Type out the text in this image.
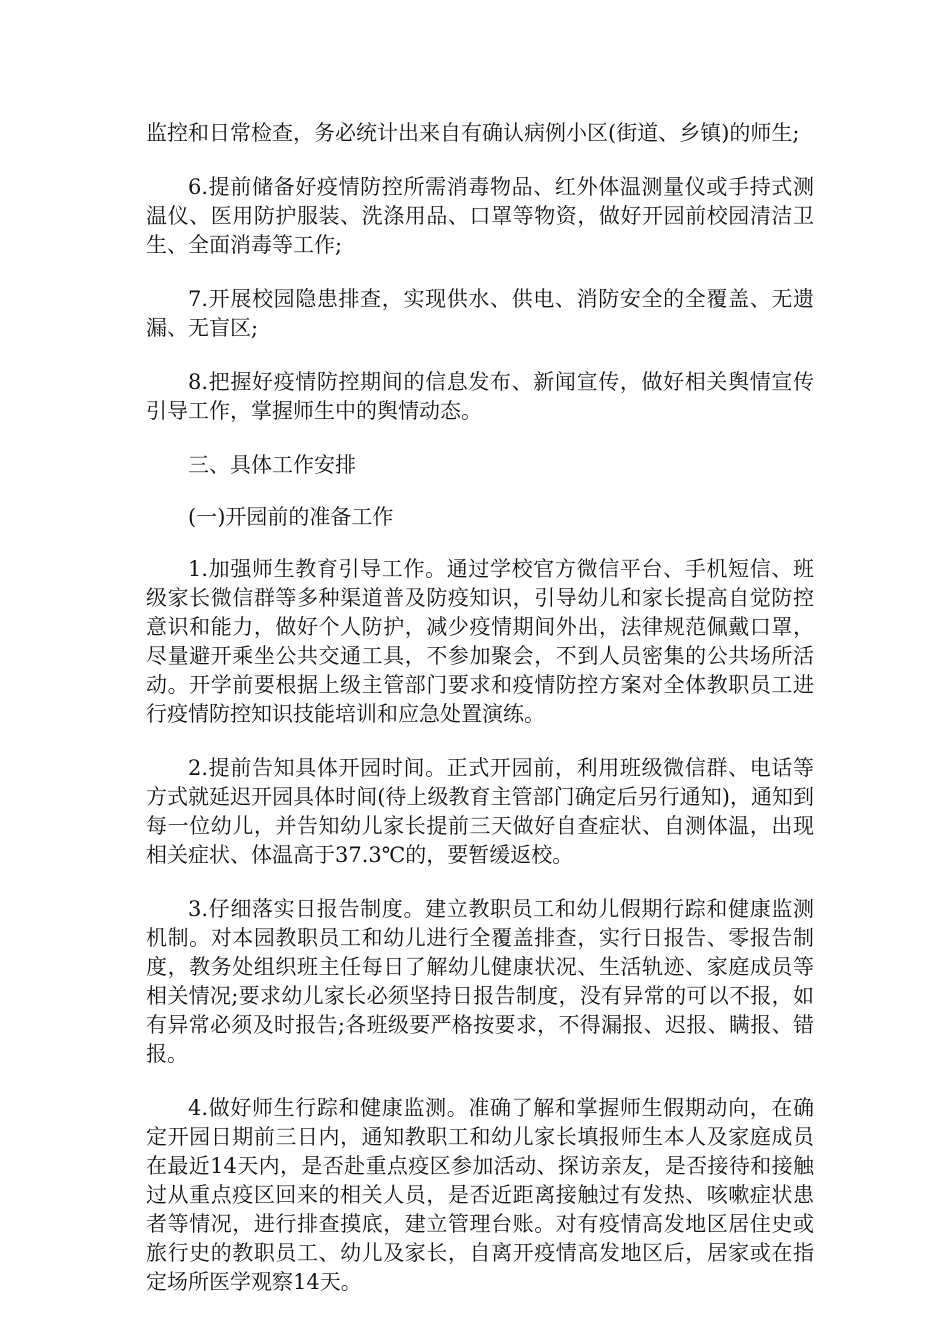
监控和日常检查，务必统计出来自有确认病例小区(街道、乡镇)的师生;

6.提前储备好疫情防控所需消毒物品、红外体温测量仪或手持式测温仪、医用防护服装、洗涤用品、口罩等物资，做好开园前校园清洁卫生、全面消毒等工作;

7.开展校园隐患排查，实现供水、供电、消防安全的全覆盖、无遗漏、无盲区;

8.把握好疫情防控期间的信息发布、新闻宣传，做好相关舆情宣传引导工作，掌握师生中的舆情动态。

三、具体工作安排

(一)开园前的准备工作

1.加强师生教育引导工作。通过学校官方微信平台、手机短信、班级家长微信群等多种渠道普及防疫知识，引导幼儿和家长提高自觉防控意识和能力，做好个人防护，减少疫情期间外出，法律规范佩戴口罩，尽量避开乘坐公共交通工具，不参加聚会，不到人员密集的公共场所活动。开学前要根据上级主管部门要求和疫情防控方案对全体教职员工进行疫情防控知识技能培训和应急处置演练。

2.提前告知具体开园时间。正式开园前，利用班级微信群、电话等方式就延迟开园具体时间(待上级教育主管部门确定后另行通知)，通知到每一位幼儿，并告知幼儿家长提前三天做好自查症状、自测体温，出现相关症状、体温高于37.3℃的，要暂缓返校。

3.仔细落实日报告制度。建立教职员工和幼儿假期行踪和健康监测机制。对本园教职员工和幼儿进行全覆盖排查，实行日报告、零报告制度，教务处组织班主任每日了解幼儿健康状况、生活轨迹、家庭成员等相关情况;要求幼儿家长必须坚持日报告制度，没有异常的可以不报，如有异常必须及时报告;各班级要严格按要求，不得漏报、迟报、瞒报、错报。

4.做好师生行踪和健康监测。准确了解和掌握师生假期动向，在确定开园日期前三日内，通知教职工和幼儿家长填报师生本人及家庭成员在最近14天内，是否赴重点疫区参加活动、探访亲友，是否接待和接触过从重点疫区回来的相关人员，是否近距离接触过有发热、咳嗽症状患者等情况，进行排查摸底，建立管理台账。对有疫情高发地区居住史或旅行史的教职员工、幼儿及家长，自离开疫情高发地区后，居家或在指定场所医学观察14天。
